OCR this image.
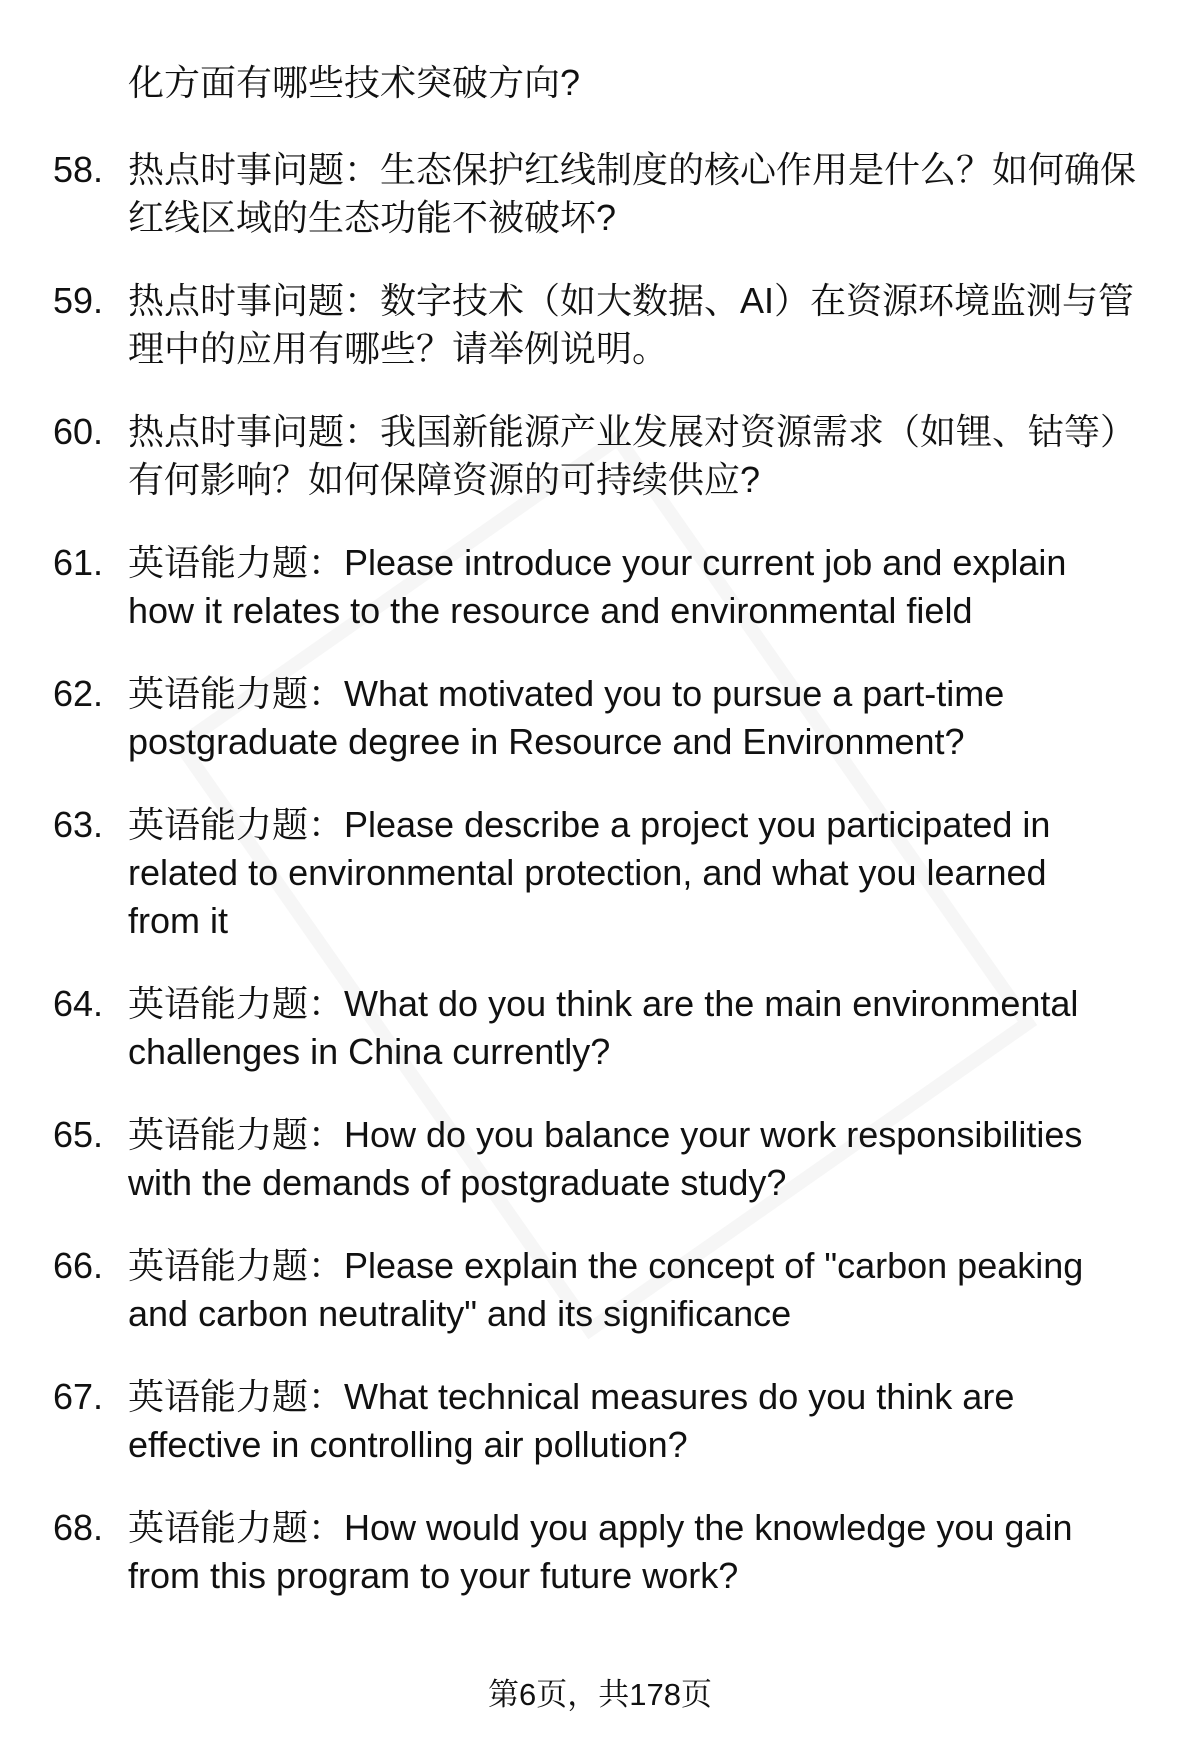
化方面有哪些技术突破方向?
58. 热点时事问题：生态保护红线制度的核心作用是什么？如何确保
红线区域的生态功能不被破坏?
59. 热点时事问题：数字技术（如大数据、AI）在资源环境监测与管
理中的应用有哪些？请举例说明。
60. 热点时事问题：我国新能源产业发展对资源需求（如锂、钴等）
有何影响？如何保障资源的可持续供应?
61. 英语能力题：Please introduce your current job and explain
how it relates to the resource and environmental field
62. 英语能力题：What motivated you to pursue a part-time
postgraduate degree in Resource and Environment?
63. 英语能力题：Please describe a project you participated in
related to environmental protection, and what you learned
from it
64. 英语能力题：What do you think are the main environmental
challenges in China currently?
65. 英语能力题：How do you balance your work responsibilities
with the demands of postgraduate study?
66. 英语能力题：Please explain the concept of "carbon peaking
and carbon neutrality" and its significance
67. 英语能力题：What technical measures do you think are
effective in controlling air pollution?
68. 英语能力题：How would you apply the knowledge you gain
from this program to your future work?
第6页，共178页
